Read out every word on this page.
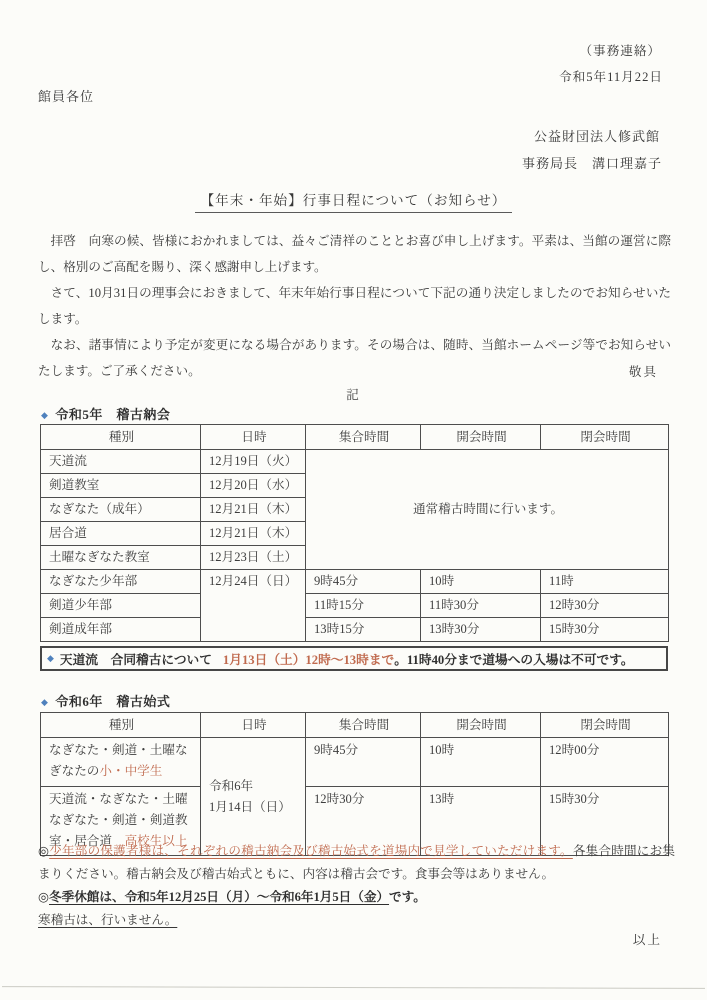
（事務連絡）
令和5年11月22日
館員各位
公益財団法人修武館
事務局長　溝口理嘉子
【年末・年始】行事日程について（お知らせ）

拝啓　向寒の候、皆様におかれましては、益々ご清祥のこととお喜び申し上げます。平素は、当館の運営に際し、格別のご高配を賜り、深く感謝申し上げます。

さて、10月31日の理事会におきまして、年末年始行事日程について下記の通り決定しましたのでお知らせいたします。

なお、諸事情により予定が変更になる場合があります。その場合は、随時、当館ホームページ等でお知らせいたします。ご了承ください。	敬具
記
◆ 令和5年　稽古納会
種別	日時	集合時間	開会時間	閉会時間
天道流	12月19日（火）	通常稽古時間に行います。		
剣道教室	12月20日（水）			
なぎなた（成年）	12月21日（木）			
居合道	12月21日（木）			
土曜なぎなた教室	12月23日（土）			
なぎなた少年部	12月24日（日）	9時45分	10時	11時
剣道少年部		11時15分	11時30分	12時30分
剣道成年部		13時15分	13時30分	15時30分
◆ 天道流　合同稽古について 1月13日（土）12時～13時まで 。11時40分まで道場への入場は不可です。
◆ 令和6年　稽古始式
種別	日時	集合時間	開会時間	閉会時間
なぎなた・剣道・土曜なぎなたの小・中学生	令和6年
1月14日（日）	9時45分	10時	12時00分
天道流・なぎなた・土曜なぎなた・剣道・剣道教室・居合道　高校生以上		12時30分	13時	15時30分

◎少年部の保護者様は、それぞれの稽古納会及び稽古始式を道場内で見学していただけます。各集合時間にお集まりください。稽古納会及び稽古始式ともに、内容は稽古会です。食事会等はありません。

◎冬季休館は、令和5年12月25日（月）～令和6年1月5日（金）です。

寒稽古は、行いません。

以上
